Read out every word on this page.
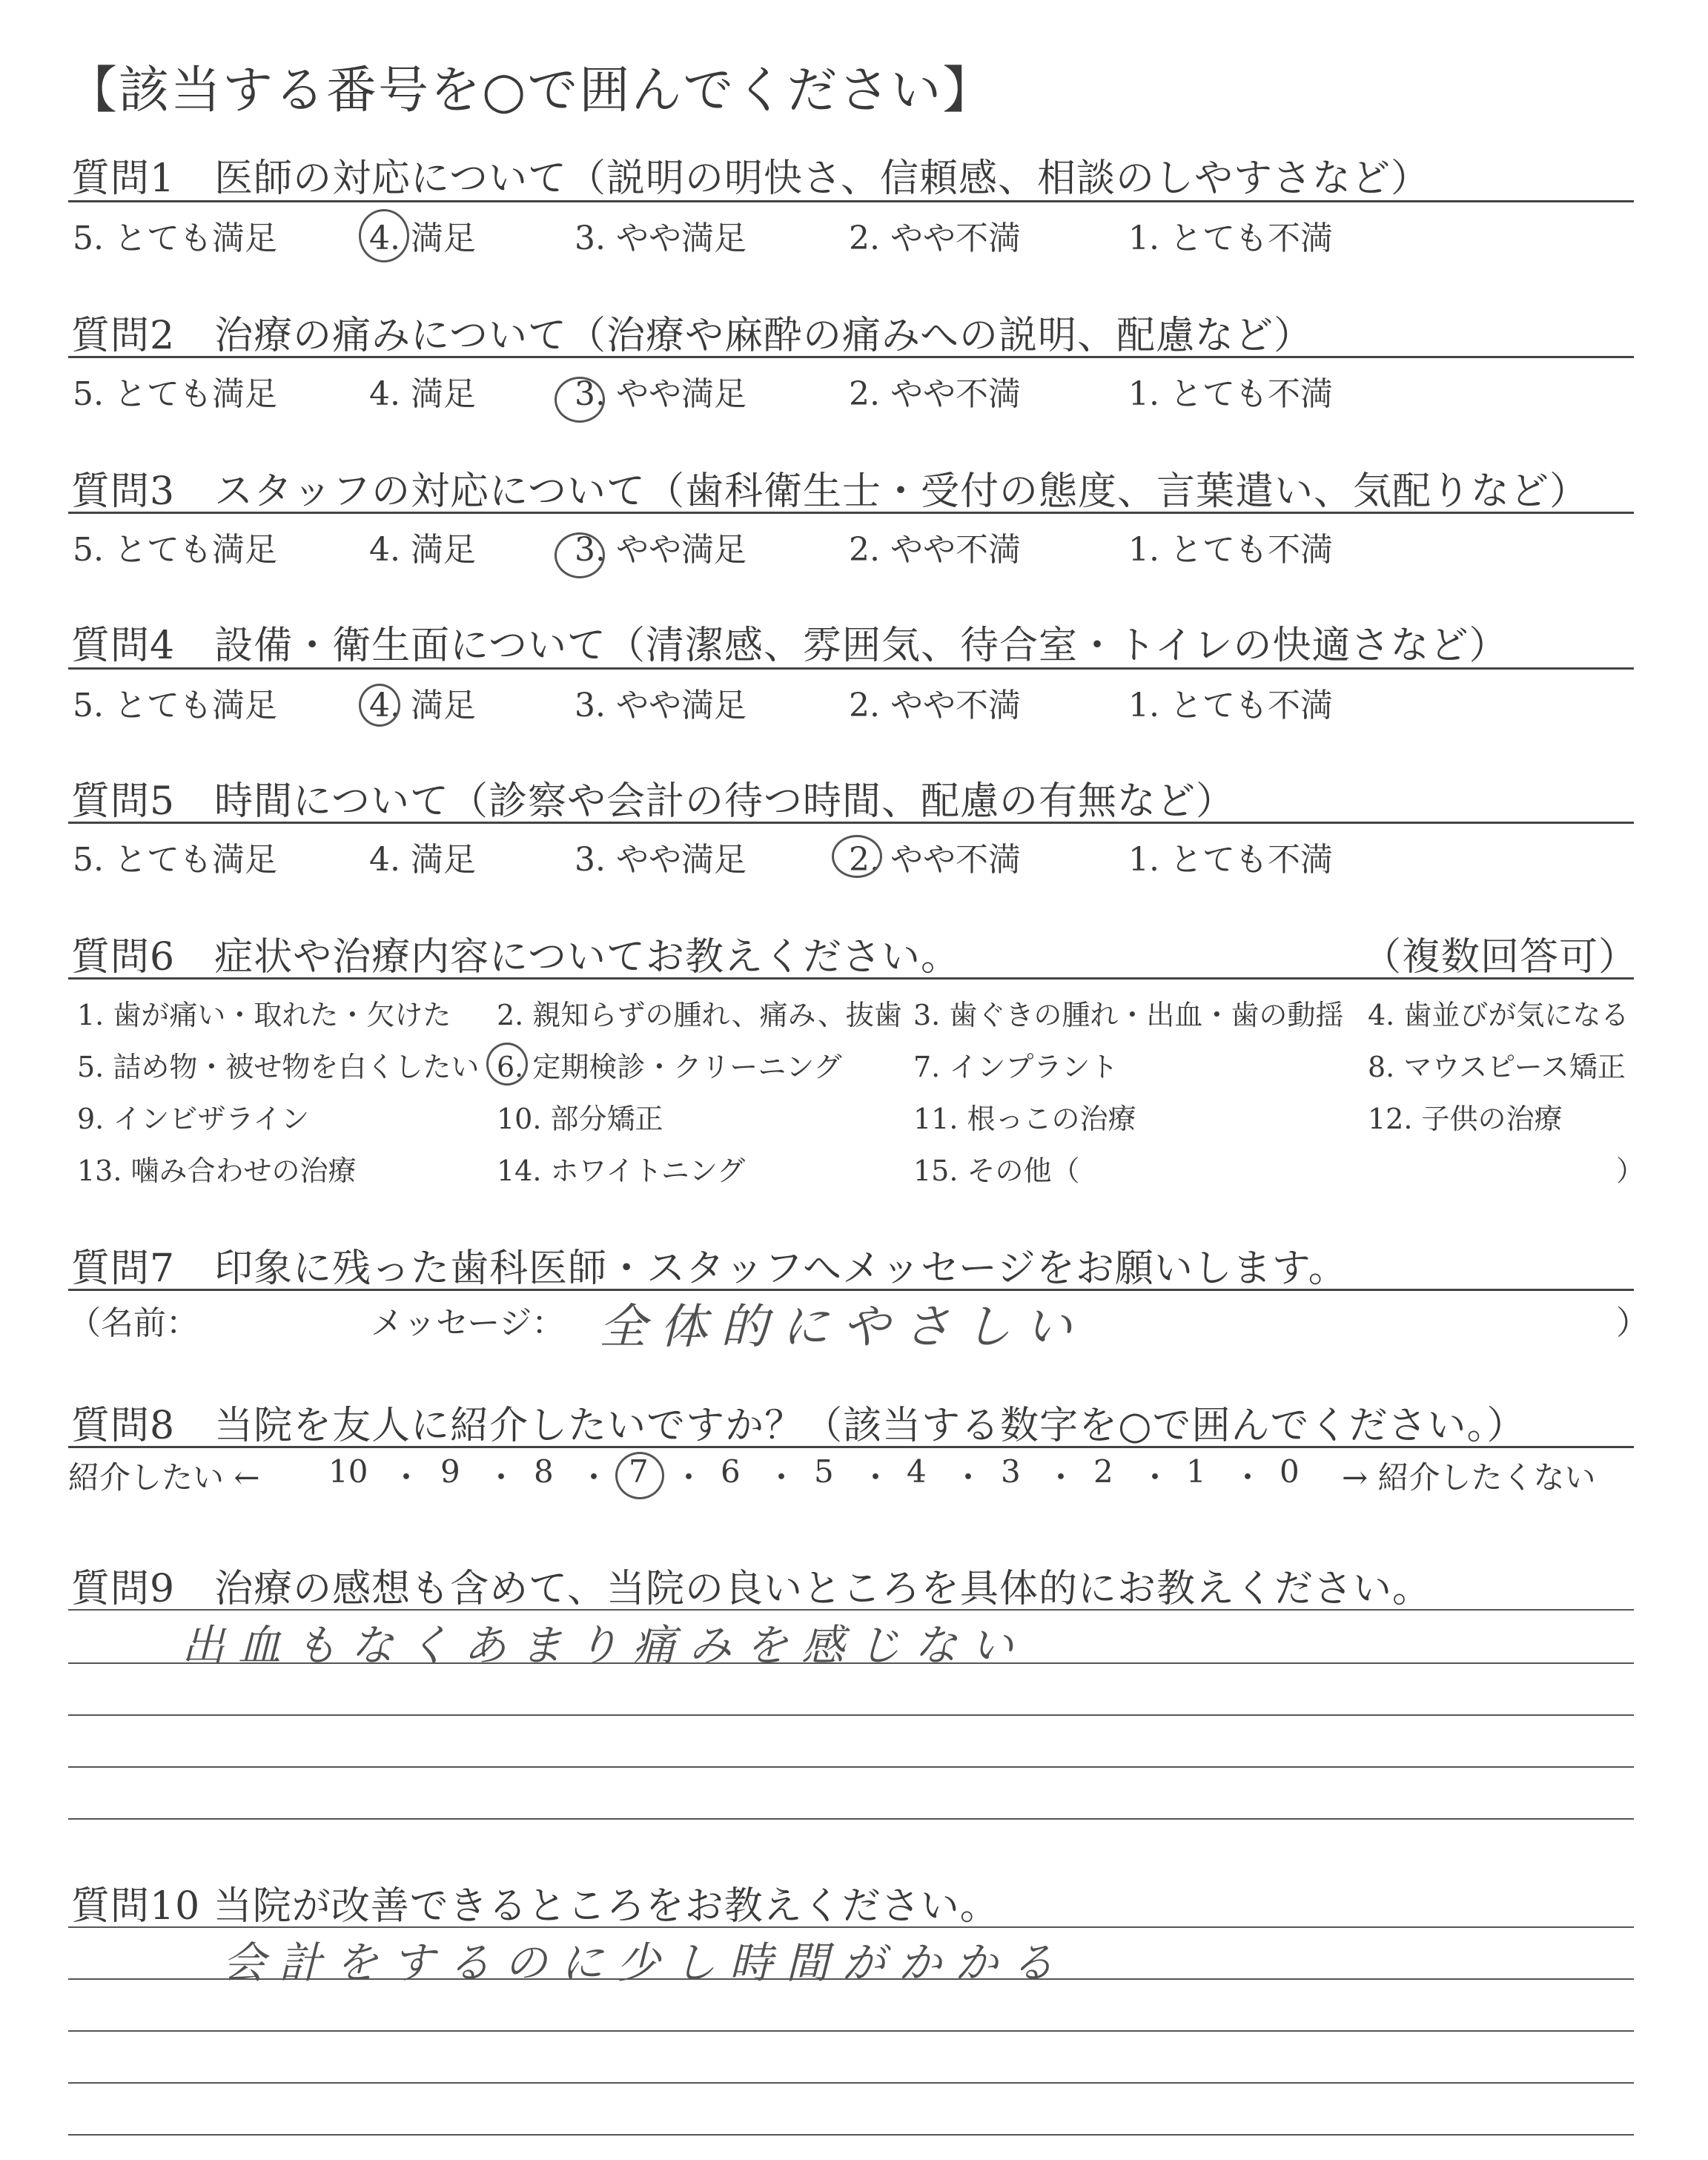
【該当する番号を○で囲んでください】
質問1　医師の対応について（説明の明快さ、信頼感、相談のしやすさなど）
5. とても満足	4. 満足	3. やや満足	2. やや不満	1. とても不満
質問2　治療の痛みについて（治療や麻酔の痛みへの説明、配慮など）
5. とても満足	4. 満足	3. やや満足	2. やや不満	1. とても不満
質問3　スタッフの対応について（歯科衛生士・受付の態度、言葉遣い、気配りなど）
5. とても満足	4. 満足	3. やや満足	2. やや不満	1. とても不満
質問4　設備・衛生面について（清潔感、雰囲気、待合室・トイレの快適さなど）
5. とても満足	4. 満足	3. やや満足	2. やや不満	1. とても不満
質問5　時間について（診察や会計の待つ時間、配慮の有無など）
5. とても満足	4. 満足	3. やや満足	2. やや不満	1. とても不満
質問6　症状や治療内容についてお教えください。	（複数回答可）
1. 歯が痛い・取れた・欠けた 2. 親知らずの腫れ、痛み、抜歯 3. 歯ぐきの腫れ・出血・歯の動揺 4. 歯並びが気になる
5. 詰め物・被せ物を白くしたい 6. 定期検診・クリーニング	7. インプラント	8. マウスピース矯正
9. インビザライン	10. 部分矯正	11. 根っこの治療	12. 子供の治療
13. 噛み合わせの治療	14. ホワイトニング	15. その他（	）
質問7　印象に残った歯科医師・スタッフへメッセージをお願いします。
（名前：	メッセージ： 全体的にやさしい	）
質問8　当院を友人に紹介したいですか？（該当する数字を○で囲んでください。）
紹介したい ← 10 ・ 9 ・ 8 ・ 7 ・ 6 ・ 5 ・ 4 ・ 3 ・ 2 ・ 1 ・ 0 → 紹介したくない
質問9　治療の感想も含めて、当院の良いところを具体的にお教えください。
出血もなくあまり痛みを感じない
質問10 当院が改善できるところをお教えください。
会計をするのに少し時間がかかる
